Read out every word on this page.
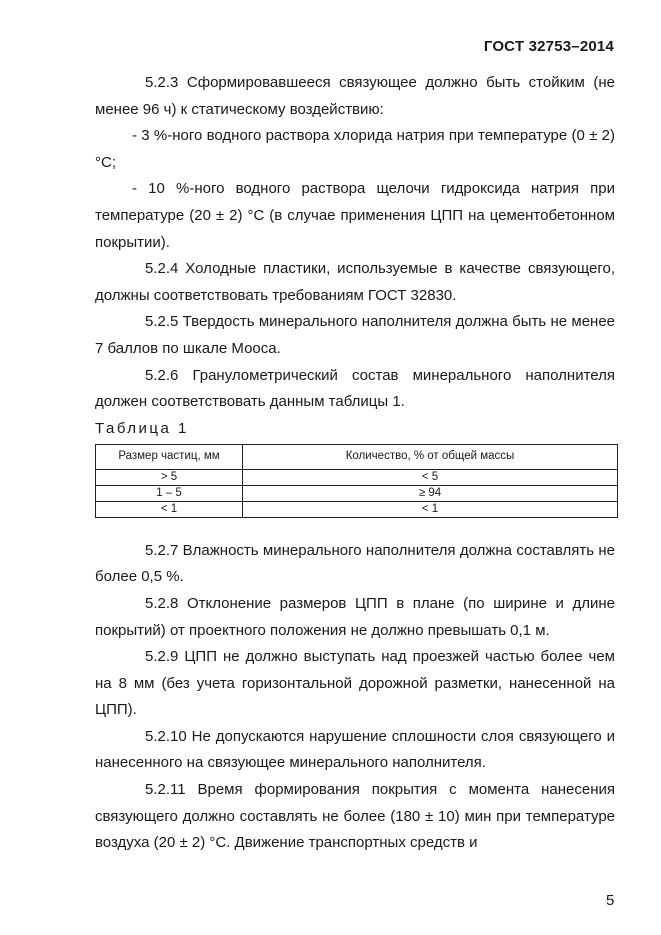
ГОСТ 32753–2014

5.2.3 Сформировавшееся связующее должно быть стойким (не менее 96 ч) к статическому воздействию:

- 3 %-ного водного раствора хлорида натрия при температуре (0 ± 2) °С;

- 10 %-ного водного раствора щелочи гидроксида натрия при температуре (20 ± 2) °С (в случае применения ЦПП на цементобетонном покрытии).

5.2.4 Холодные пластики, используемые в качестве связующего, должны соответствовать требованиям ГОСТ 32830.

5.2.5 Твердость минерального наполнителя должна быть не менее 7 баллов по шкале Мооса.

5.2.6 Гранулометрический состав минерального наполнителя должен соответствовать данным таблицы 1.

Таблица 1

Размер частиц, мм	Количество, % от общей массы
> 5	< 5
1 – 5	≥ 94
< 1	< 1

5.2.7 Влажность минерального наполнителя должна составлять не более 0,5 %.

5.2.8 Отклонение размеров ЦПП в плане (по ширине и длине покрытий) от проектного положения не должно превышать 0,1 м.

5.2.9 ЦПП не должно выступать над проезжей частью более чем на 8 мм (без учета горизонтальной дорожной разметки, нанесенной на ЦПП).

5.2.10 Не допускаются нарушение сплошности слоя связующего и нанесенного на связующее минерального наполнителя.

5.2.11 Время формирования покрытия с момента нанесения связующего должно составлять не более (180 ± 10) мин при температуре воздуха (20 ± 2) °С. Движение транспортных средств и

5
